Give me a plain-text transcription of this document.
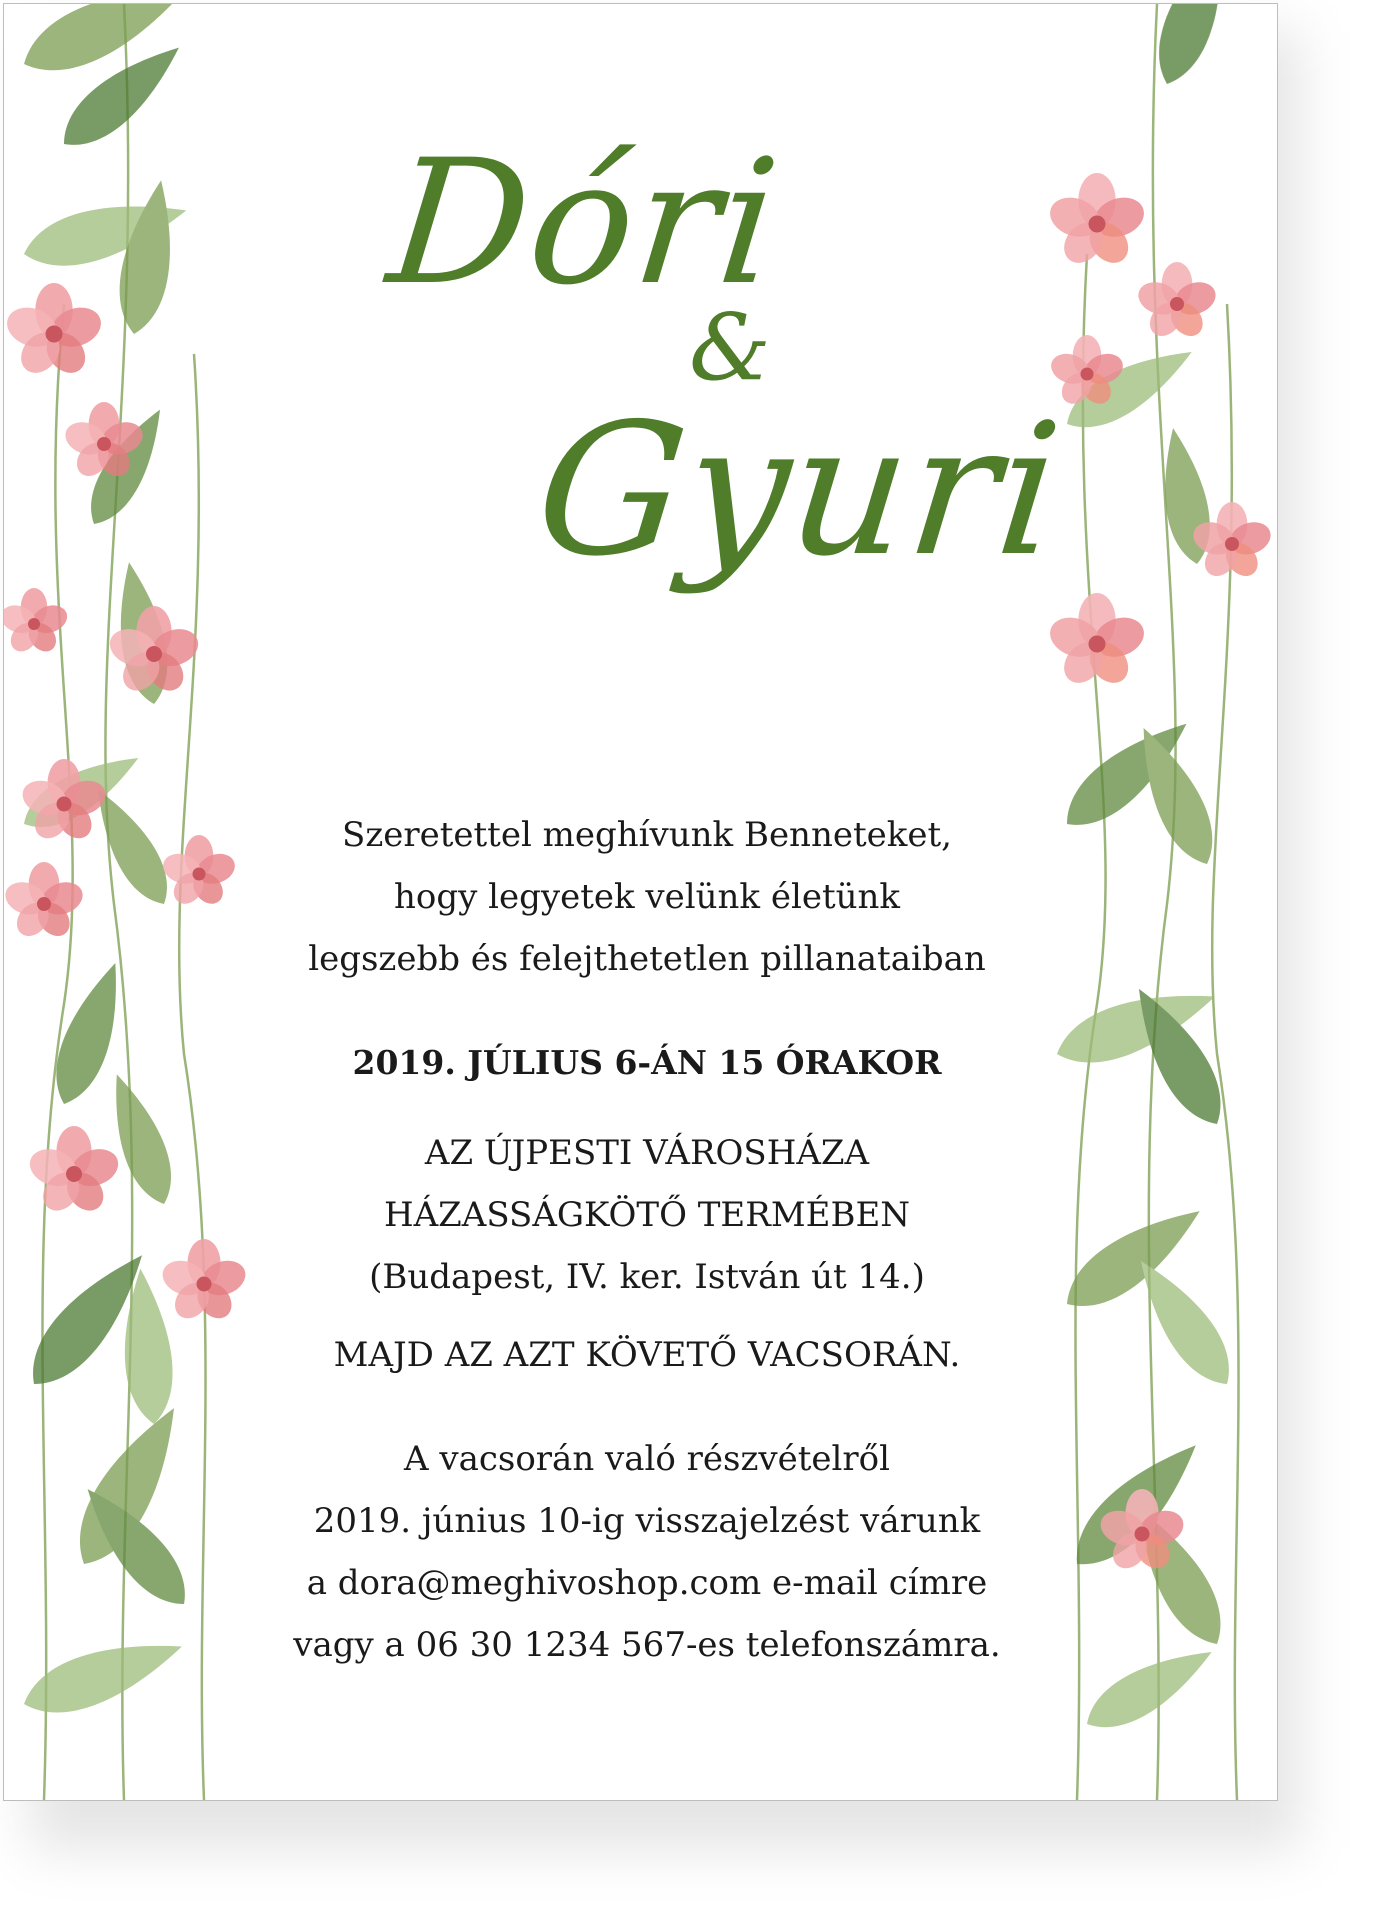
Dóri
&
Gyuri
Szeretettel meghívunk Benneteket,
hogy legyetek velünk életünk
legszebb és felejthetetlen pillanataiban
2019. JÚLIUS 6-ÁN 15 ÓRAKOR
AZ ÚJPESTI VÁROSHÁZA
HÁZASSÁGKÖTŐ TERMÉBEN
(Budapest, IV. ker. István út 14.)
MAJD AZ AZT KÖVETŐ VACSORÁN.
A vacsorán való részvételről
2019. június 10-ig visszajelzést várunk
a dora@meghivoshop.com e-mail címre
vagy a 06 30 1234 567-es telefonszámra.
